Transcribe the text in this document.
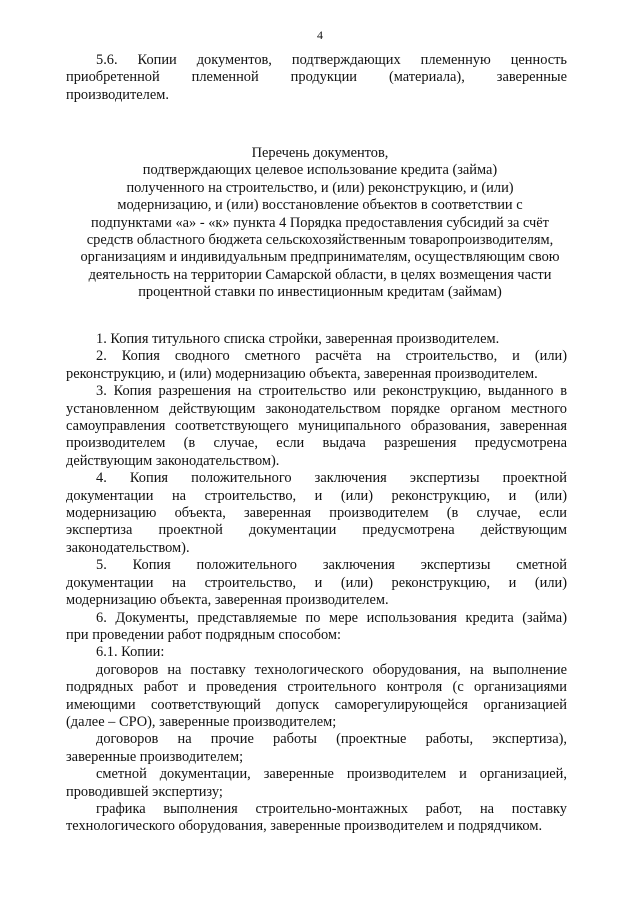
4
5.6. Копии документов, подтверждающих племенную ценность
приобретенной племенной продукции (материала), заверенные
производителем.
Перечень документов,
подтверждающих целевое использование кредита (займа)
полученного на строительство, и (или) реконструкцию, и (или)
модернизацию, и (или) восстановление объектов в соответствии с
подпунктами «а» - «к» пункта 4 Порядка предоставления субсидий за счёт
средств областного бюджета сельскохозяйственным товаропроизводителям,
организациям и индивидуальным предпринимателям, осуществляющим свою
деятельность на территории Самарской области, в целях возмещения части
процентной ставки по инвестиционным кредитам (займам)
1. Копия титульного списка стройки, заверенная производителем.
2. Копия сводного сметного расчёта на строительство, и (или)
реконструкцию, и (или) модернизацию объекта, заверенная производителем.
3. Копия разрешения на строительство или реконструкцию, выданного в
установленном действующим законодательством порядке органом местного
самоуправления соответствующего муниципального образования, заверенная
производителем (в случае, если выдача разрешения предусмотрена
действующим законодательством).
4. Копия положительного заключения экспертизы проектной
документации на строительство, и (или) реконструкцию, и (или)
модернизацию объекта, заверенная производителем (в случае, если
экспертиза проектной документации предусмотрена действующим
законодательством).
5. Копия положительного заключения экспертизы сметной
документации на строительство, и (или) реконструкцию, и (или)
модернизацию объекта, заверенная производителем.
6. Документы, представляемые по мере использования кредита (займа)
при проведении работ подрядным способом:
6.1. Копии:
договоров на поставку технологического оборудования, на выполнение
подрядных работ и проведения строительного контроля (с организациями
имеющими соответствующий допуск саморегулирующейся организацией
(далее – СРО), заверенные производителем;
договоров на прочие работы (проектные работы, экспертиза),
заверенные производителем;
сметной документации, заверенные производителем и организацией,
проводившей экспертизу;
графика выполнения строительно-монтажных работ, на поставку
технологического оборудования, заверенные производителем и подрядчиком.
